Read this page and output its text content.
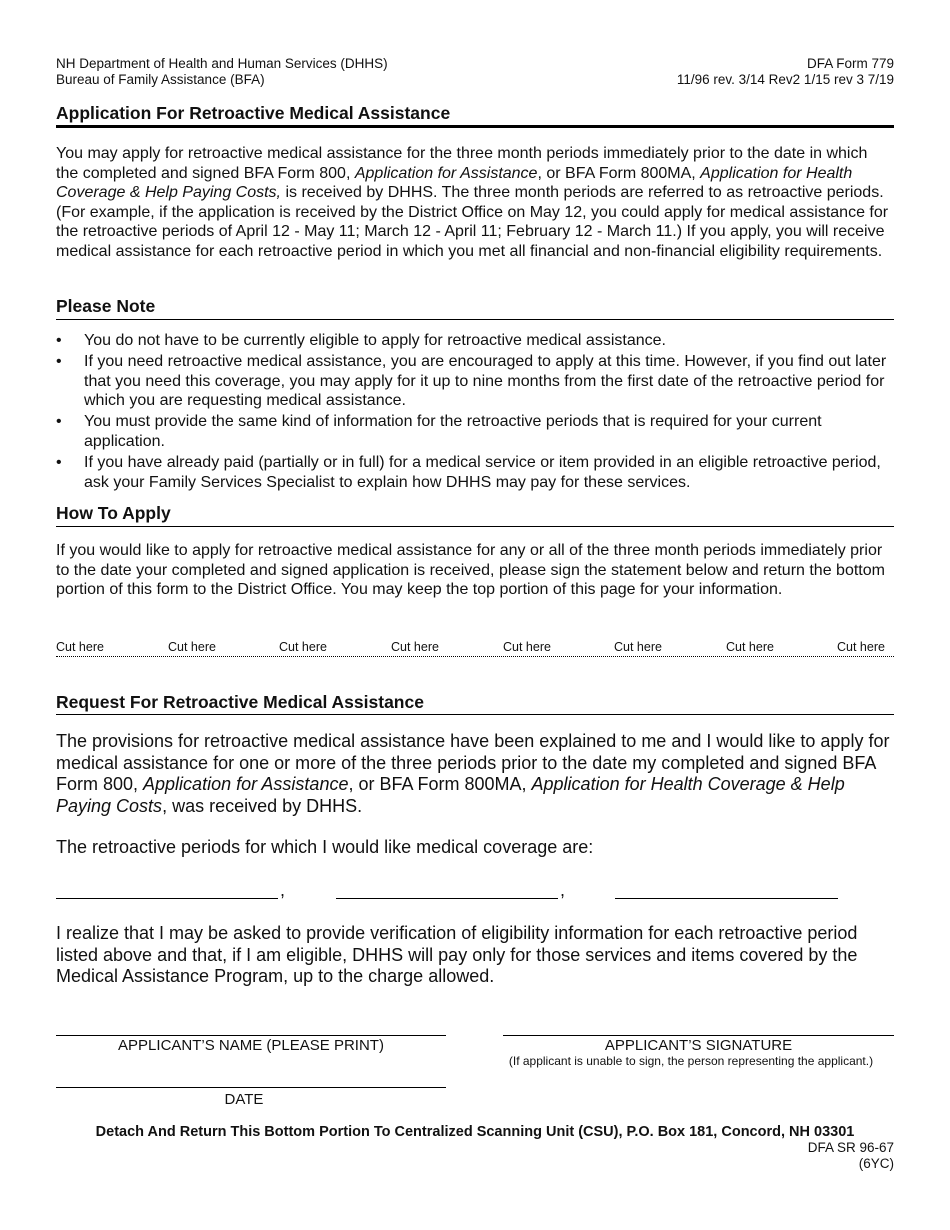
NH Department of Health and Human Services (DHHS)
Bureau of Family Assistance (BFA)
DFA Form 779
11/96 rev. 3/14 Rev2 1/15 rev 3 7/19
Application For Retroactive Medical Assistance
You may apply for retroactive medical assistance for the three month periods immediately prior to the date in which the completed and signed BFA Form 800, Application for Assistance, or BFA Form 800MA, Application for Health Coverage & Help Paying Costs, is received by DHHS. The three month periods are referred to as retroactive periods. (For example, if the application is received by the District Office on May 12, you could apply for medical assistance for the retroactive periods of April 12 - May 11; March 12 - April 11; February 12 - March 11.) If you apply, you will receive medical assistance for each retroactive period in which you met all financial and non-financial eligibility requirements.
Please Note
• You do not have to be currently eligible to apply for retroactive medical assistance.
• If you need retroactive medical assistance, you are encouraged to apply at this time. However, if you find out later that you need this coverage, you may apply for it up to nine months from the first date of the retroactive period for which you are requesting medical assistance.
• You must provide the same kind of information for the retroactive periods that is required for your current application.
• If you have already paid (partially or in full) for a medical service or item provided in an eligible retroactive period, ask your Family Services Specialist to explain how DHHS may pay for these services.
How To Apply
If you would like to apply for retroactive medical assistance for any or all of the three month periods immediately prior to the date your completed and signed application is received, please sign the statement below and return the bottom portion of this form to the District Office. You may keep the top portion of this page for your information.
Cut here	Cut here	Cut here	Cut here	Cut here	Cut here	Cut here	Cut here
Request For Retroactive Medical Assistance
The provisions for retroactive medical assistance have been explained to me and I would like to apply for medical assistance for one or more of the three periods prior to the date my completed and signed BFA Form 800, Application for Assistance, or BFA Form 800MA, Application for Health Coverage & Help Paying Costs, was received by DHHS.
The retroactive periods for which I would like medical coverage are:
,	,
I realize that I may be asked to provide verification of eligibility information for each retroactive period listed above and that, if I am eligible, DHHS will pay only for those services and items covered by the Medical Assistance Program, up to the charge allowed.
APPLICANT’S NAME (PLEASE PRINT)	APPLICANT’S SIGNATURE
(If applicant is unable to sign, the person representing the applicant.)
DATE
Detach And Return This Bottom Portion To Centralized Scanning Unit (CSU), P.O. Box 181, Concord, NH 03301
DFA SR 96-67
(6YC)
